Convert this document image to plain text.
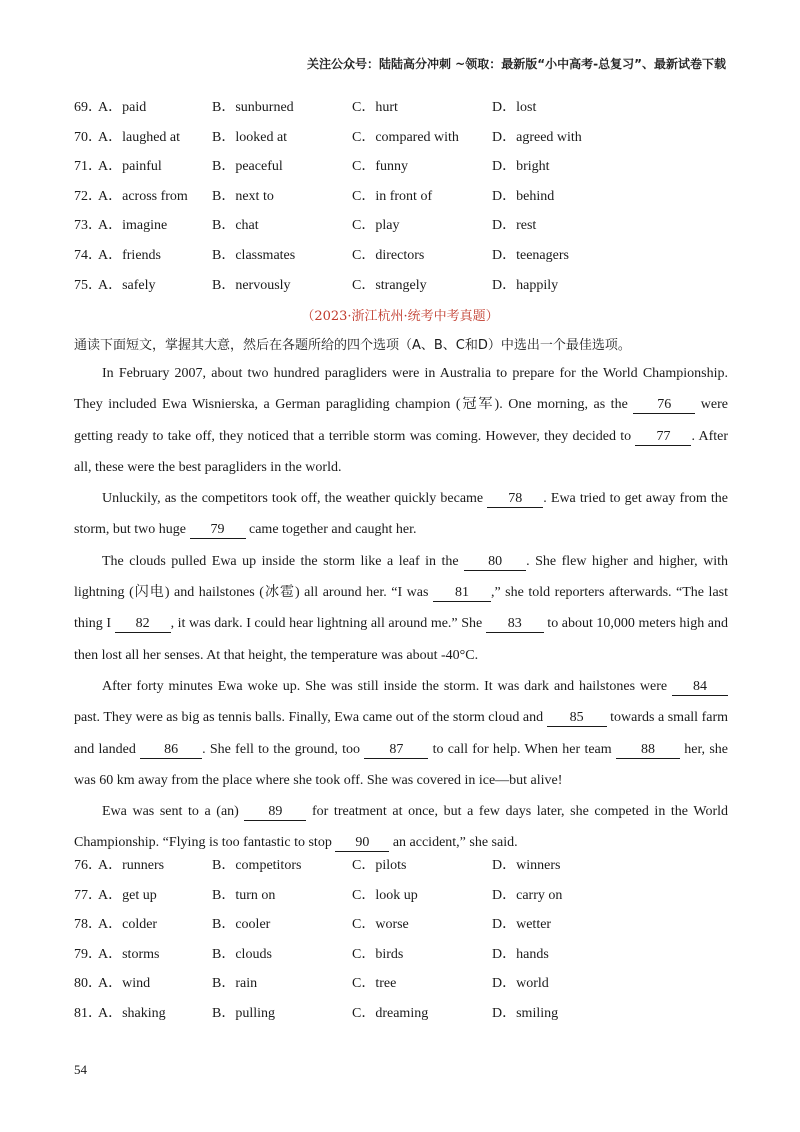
关注公众号：陆陆高分冲刺 ~领取：最新版“小中高考-总复习”、最新试卷下载
69．
A．paid	B．sunburned	C．hurt	D．lost
70．
A．laughed at B．looked at	C．compared with D．agreed with
71．
A．painful	B．peaceful	C．funny	D．bright
72．
A．across from B．next to	C．in front of	D．behind
73．
A．imagine	B．chat	C．play	D．rest
74．
A．friends	B．classmates	C．directors	D．teenagers
75．
A．safely	B．nervously	C．strangely	D．happily
（2023·浙江杭州·统考中考真题）
通读下面短文，掌握其大意，然后在各题所给的四个选项（A、B、C和D）中选出一个最佳选项。

In February 2007, about two hundred paragliders were in Australia to prepare for the World Championship. They included Ewa Wisnierska, a German paragliding champion (冠军). One morning, as the 76 were getting ready to take off, they noticed that a terrible storm was coming. However, they decided to 77 . After all, these were the best paragliders in the world.

Unluckily, as the competitors took off, the weather quickly became 78 . Ewa tried to get away from the storm, but two huge 79 came together and caught her.

The clouds pulled Ewa up inside the storm like a leaf in the 80 . She flew higher and higher, with lightning (闪电) and hailstones (冰雹) all around her. “I was 81 ,” she told reporters afterwards. “The last thing I 82 , it was dark. I could hear lightning all around me.” She 83 to about 10,000 meters high and then lost all her senses. At that height, the temperature was about -40°C.

After forty minutes Ewa woke up. She was still inside the storm. It was dark and hailstones were 84 past. They were as big as tennis balls. Finally, Ewa came out of the storm cloud and 85 towards a small farm and landed 86 . She fell to the ground, too 87 to call for help. When her team 88 her, she was 60 km away from the place where she took off. She was covered in ice—but alive!

Ewa was sent to a (an) 89 for treatment at once, but a few days later, she competed in the World Championship. “Flying is too fantastic to stop 90 an accident,” she said.

76．
A．runners	B．competitors	C．pilots	D．winners
77．
A．get up	B．turn on	C．look up	D．carry on
78．
A．colder	B．cooler	C．worse	D．wetter
79．
A．storms	B．clouds	C．birds	D．hands
80．
A．wind	B．rain	C．tree	D．world
81．
A．shaking	B．pulling	C．dreaming	D．smiling
54
